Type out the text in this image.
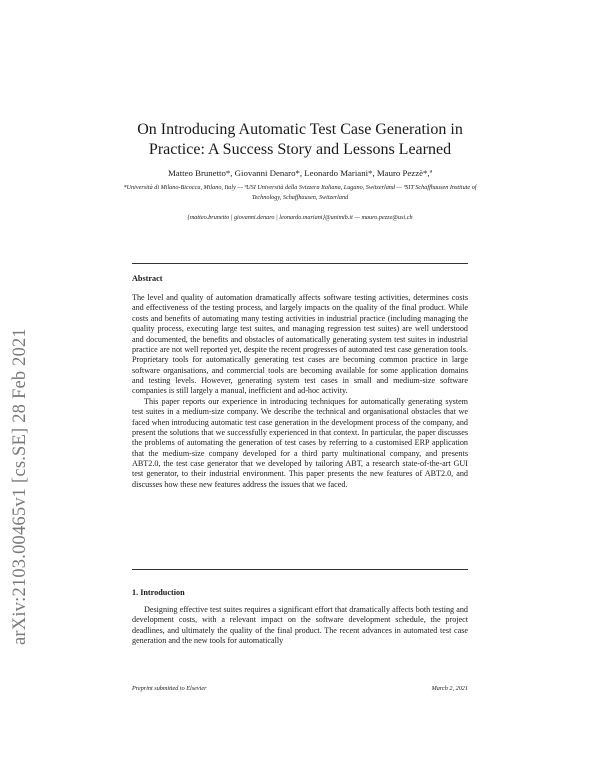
arXiv:2103.00465v1 [cs.SE] 28 Feb 2021
On Introducing Automatic Test Case Generation in
Practice: A Success Story and Lessons Learned
Matteo Brunetto*, Giovanni Denaro*, Leonardo Mariani*, Mauro Pezzè*,ª
*Università di Milano-Bicocca, Milano, Italy — ªUSI Università della Svizzera Italiana, Lugano, Switzerland — ªSIT Schaffhausen Institute of Technology, Schaffhausen, Switzerland
{matteo.brunetto | giovanni.denaro | leonardo.mariani}@unimib.it — mauro.pezze@usi.ch
Abstract

The level and quality of automation dramatically affects software testing activities, determines costs and effectiveness of the testing process, and largely impacts on the quality of the final product. While costs and benefits of automating many testing activities in industrial practice (including managing the quality process, executing large test suites, and managing regression test suites) are well understood and documented, the benefits and obstacles of automatically generating system test suites in industrial practice are not well reported yet, despite the recent progresses of automated test case generation tools. Proprietary tools for automatically generating test cases are becoming common practice in large software organisations, and commercial tools are becoming available for some application domains and testing levels. However, generating system test cases in small and medium-size software companies is still largely a manual, inefficient and ad-hoc activity.

This paper reports our experience in introducing techniques for automatically generating system test suites in a medium-size company. We describe the technical and organisational obstacles that we faced when introducing automatic test case generation in the development process of the company, and present the solutions that we successfully experienced in that context. In particular, the paper discusses the problems of automating the generation of test cases by referring to a customised ERP application that the medium-size company developed for a third party multinational company, and presents ABT2.0, the test case generator that we developed by tailoring ABT, a research state-of-the-art GUI test generator, to their industrial environment. This paper presents the new features of ABT2.0, and discusses how these new features address the issues that we faced.

1. Introduction
Designing effective test suites requires a significant effort that dramatically affects both testing and development costs, with a relevant impact on the software development schedule, the project deadlines, and ultimately the quality of the final product. The recent advances in automated test case generation and the new tools for automatically
Preprint submitted to Elsevier	March 2, 2021
